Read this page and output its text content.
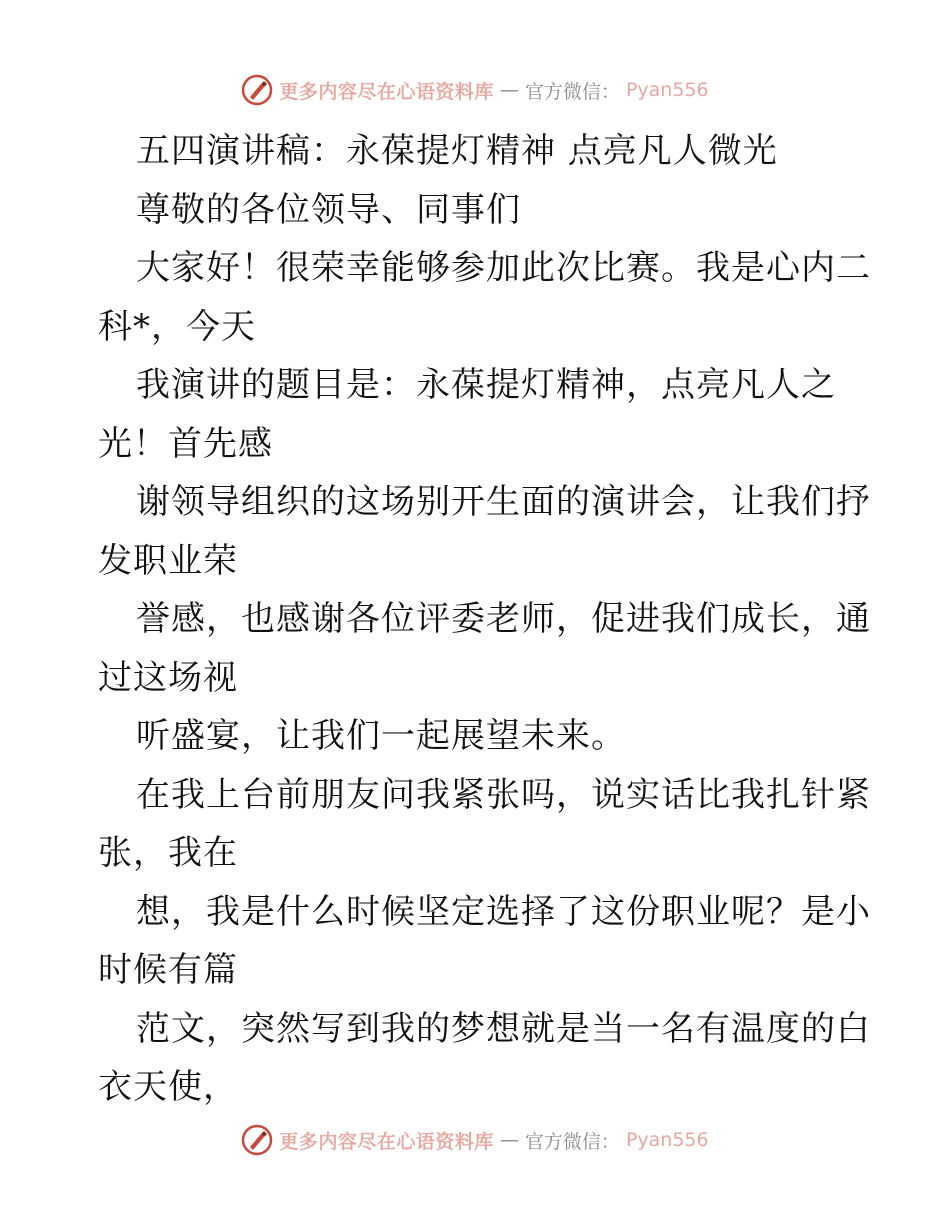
更多内容尽在心语资料库 — 官方微信： Pyan556
五四演讲稿：永葆提灯精神 点亮凡人微光
尊敬的各位领导、同事们
大家好！很荣幸能够参加此次比赛。我是心内二
科*，今天
我演讲的题目是：永葆提灯精神，点亮凡人之
光！首先感
谢领导组织的这场别开生面的演讲会，让我们抒
发职业荣
誉感，也感谢各位评委老师，促进我们成长，通
过这场视
听盛宴，让我们一起展望未来。
在我上台前朋友问我紧张吗，说实话比我扎针紧
张，我在
想，我是什么时候坚定选择了这份职业呢？是小
时候有篇
范文，突然写到我的梦想就是当一名有温度的白
衣天使，
更多内容尽在心语资料库 — 官方微信： Pyan556
